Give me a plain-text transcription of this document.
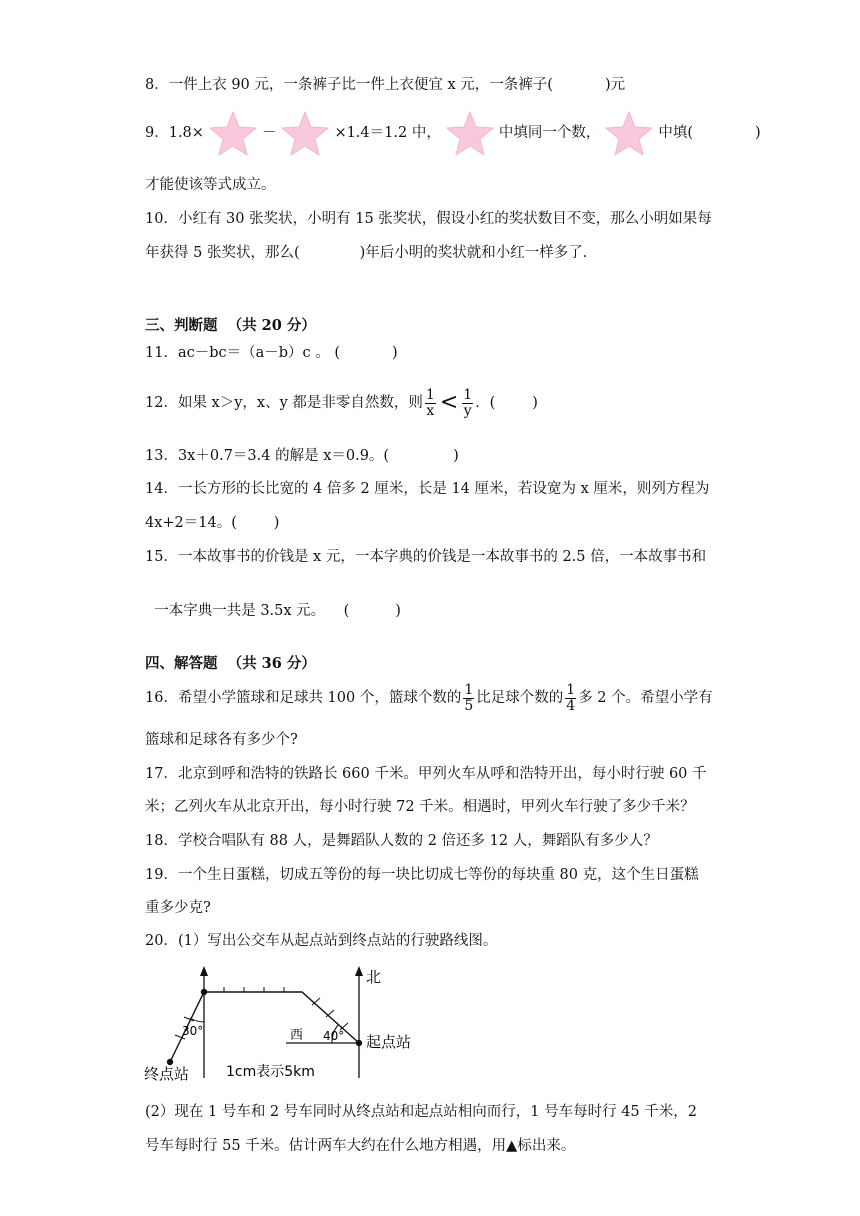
8．一件上衣 90 元，一条裤子比一件上衣便宜 x 元，一条裤子(	)元
9．1.8×	－	×1.4＝1.2 中，	中填同一个数，	中填(	)
才能使该等式成立。
10．小红有 30 张奖状，小明有 15 张奖状，假设小红的奖状数目不变，那么小明如果每
年获得 5 张奖状，那么(	)年后小明的奖状就和小红一样多了.
三、判断题 （共 20 分）
11．ac－bc＝（a－b）c 。 (	)
12．如果 x＞y，x、y 都是非零自然数，则 $\frac{1}{x} < \frac{1}{y}$ ．(        )
13．3x＋0.7＝3.4 的解是 x＝0.9。(	)
14．一长方形的长比宽的 4 倍多 2 厘米，长是 14 厘米，若设宽为 x 厘米，则列方程为
4x+2＝14。(        )
15．一本故事书的价钱是 x 元，一本字典的价钱是一本故事书的 2.5 倍，一本故事书和

一本字典一共是 3.5x 元。    (	)

四、解答题 （共 36 分）
16．希望小学篮球和足球共 100 个，篮球个数的 $\frac{1}{5}$ 比足球个数的 $\frac{1}{4}$ 多 2 个。希望小学有
篮球和足球各有多少个?
17．北京到呼和浩特的铁路长 660 千米。甲列火车从呼和浩特开出，每小时行驶 60 千
米；乙列火车从北京开出，每小时行驶 72 千米。相遇时，甲列火车行驶了多少千米？
18．学校合唱队有 88 人，是舞蹈队人数的 2 倍还多 12 人，舞蹈队有多少人？
19．一个生日蛋糕，切成五等份的每一块比切成七等份的每块重 80 克，这个生日蛋糕
重多少克?
20．(1）写出公交车从起点站到终点站的行驶路线图。
北
西
30°	40° 起点站
终点站	1cm表示5km
(2）现在 1 号车和 2 号车同时从终点站和起点站相向而行，1 号车每时行 45 千米，2
号车每时行 55 千米。估计两车大约在什么地方相遇，用▲标出来。
